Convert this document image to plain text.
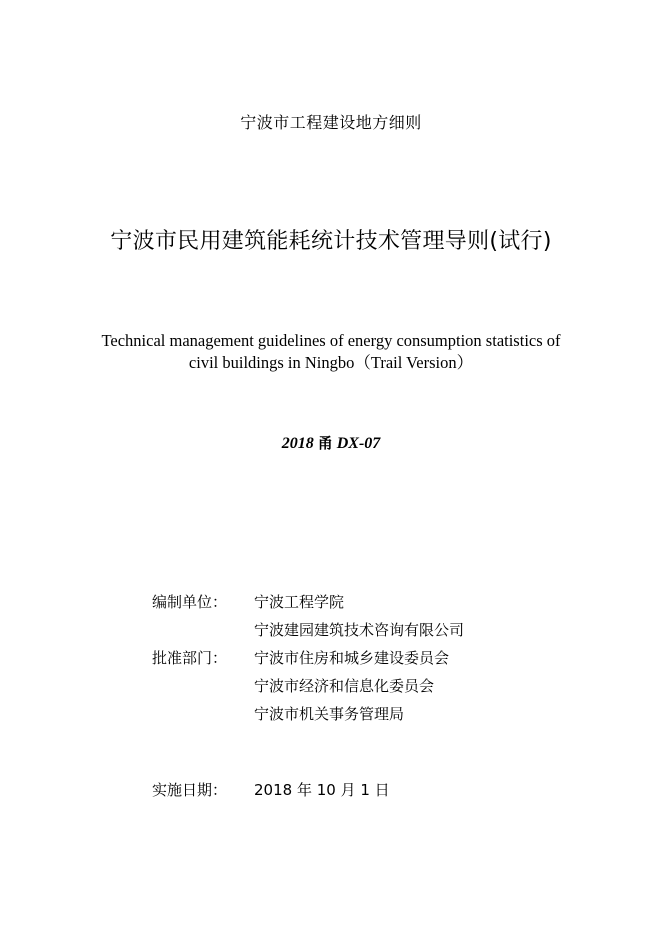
宁波市工程建设地方细则
宁波市民用建筑能耗统计技术管理导则(试行)
Technical management guidelines of energy consumption statistics of
civil buildings in Ningbo（Trail Version）
2018 甬 DX-07
编制单位：	宁波工程学院
宁波建园建筑技术咨询有限公司
批准部门：	宁波市住房和城乡建设委员会
宁波市经济和信息化委员会
宁波市机关事务管理局
实施日期：	2018 年 10 月 1 日
